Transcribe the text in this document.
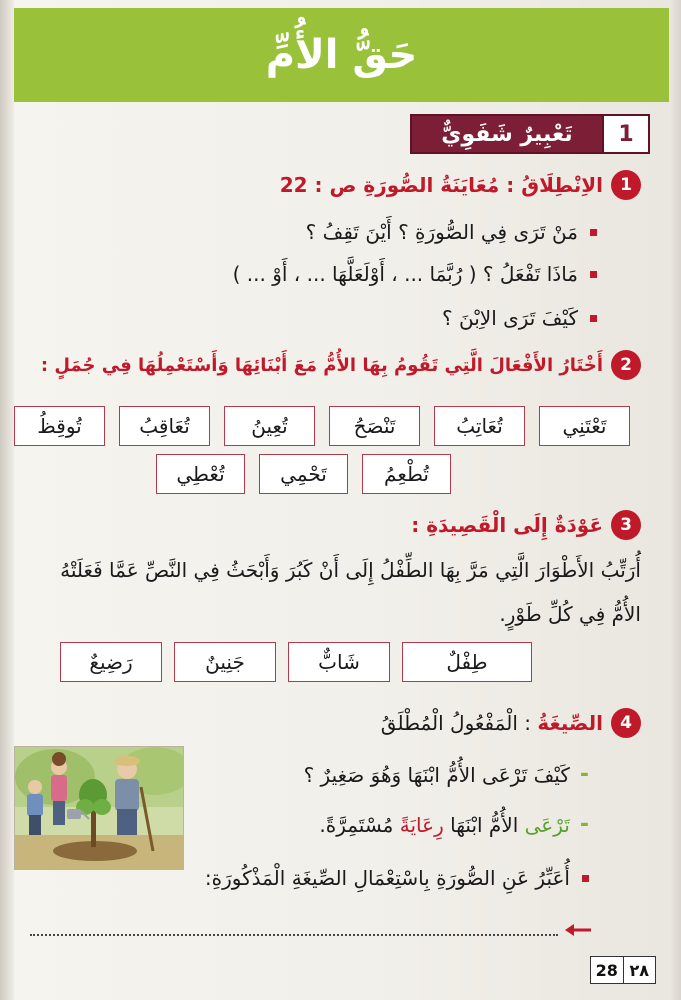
حَقُّ الأُمِّ
1
تَعْبِيرٌ شَفَوِيٌّ
1
الاِنْطِلَاقُ : مُعَايَنَةُ الصُّورَةِ ص : 22
مَنْ تَرَى فِي الصُّورَةِ ؟ أَيْنَ تَقِفُ ؟
مَاذَا تَفْعَلُ ؟ ( رُبَّمَا ... ، أَوْلَعَلَّهَا ... ، أَوْ ... )
كَيْفَ تَرَى الاِبْنَ ؟
2
أَخْتَارُ الأَفْعَالَ الَّتِي تَقُومُ بِهَا الأُمُّ مَعَ أَبْنَائِهَا وَأَسْتَعْمِلُهَا فِي جُمَلٍ :
تَعْتَنِي
تُعَاتِبُ
تَنْصَحُ
تُعِينُ
تُعَاقِبُ
تُوقِظُ
تُطْعِمُ
تَحْمِي
تُعْطِي
3
عَوْدَةٌ إِلَى الْقَصِيدَةِ :
أُرَتِّبُ الأَطْوَارَ الَّتِي مَرَّ بِهَا الطِّفْلُ إِلَى أَنْ كَبُرَ وَأَبْحَثُ فِي النَّصِّ عَمَّا فَعَلَتْهُ الأُمُّ فِي كُلِّ طَوْرٍ.
طِفْلٌ
شَابٌّ
جَنِينٌ
رَضِيعٌ
4
الصِّيغَةُ : الْمَفْعُولُ الْمُطْلَقُ
-
كَيْفَ تَرْعَى الأُمُّ ابْنَهَا وَهُوَ صَغِيرٌ ؟
-
تَرْعَى الأُمُّ ابْنَهَا رِعَايَةً مُسْتَمِرَّةً.
أُعَبِّرُ عَنِ الصُّورَةِ بِاسْتِعْمَالِ الصِّيغَةِ الْمَذْكُورَةِ:
28 ٢٨
